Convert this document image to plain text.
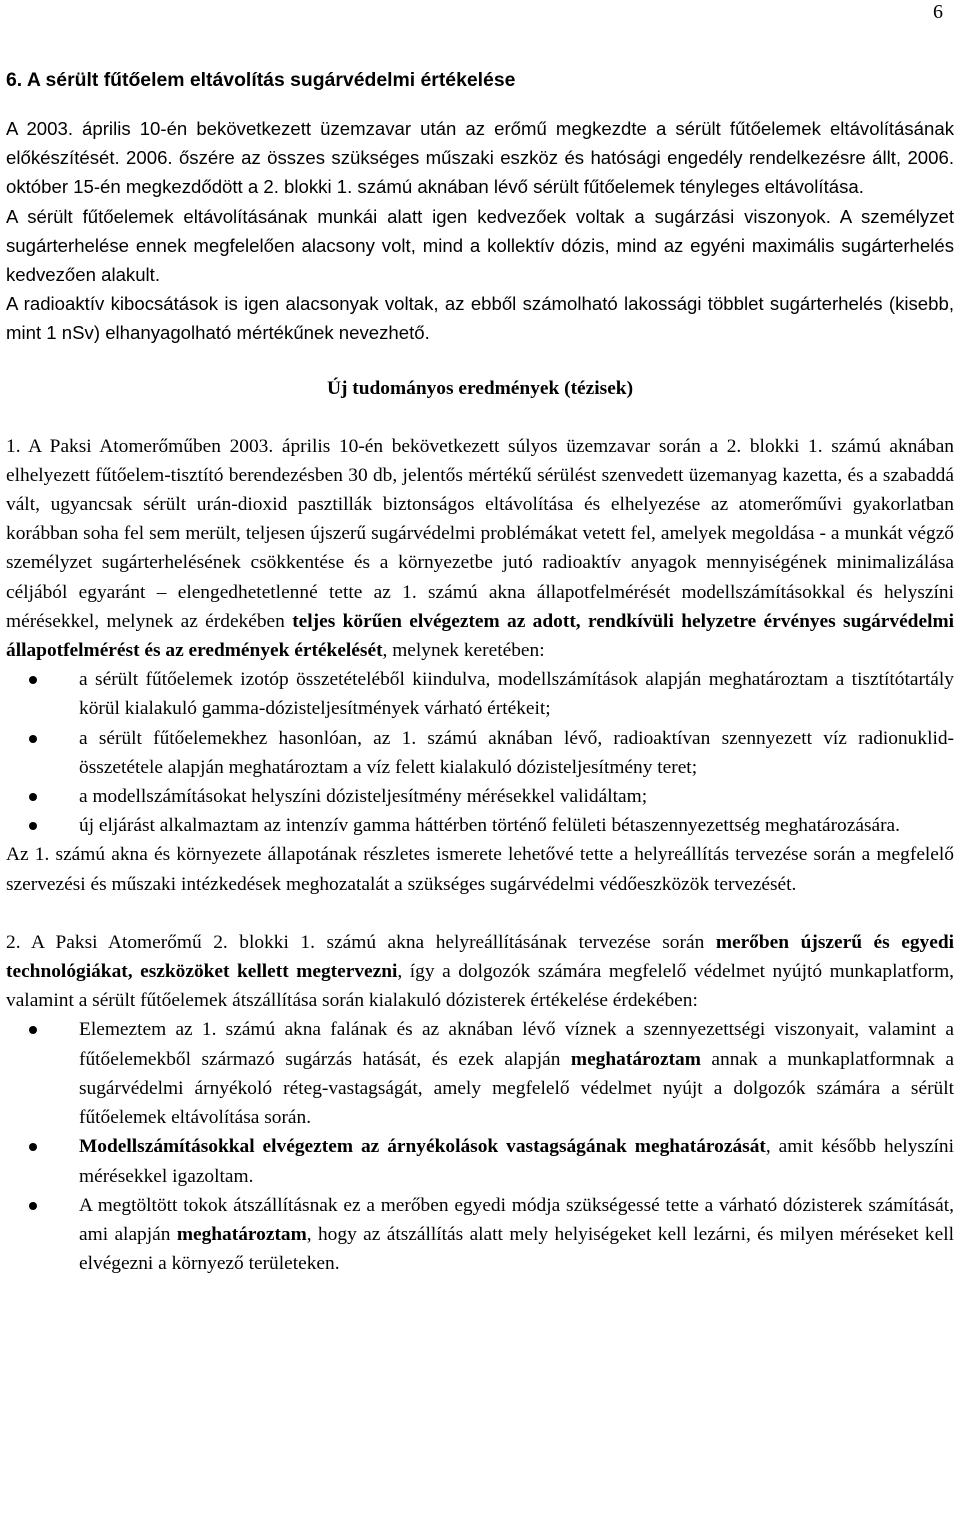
6
6. A sérült fűtőelem eltávolítás sugárvédelmi értékelése

A 2003. április 10-én bekövetkezett üzemzavar után az erőmű megkezdte a sérült fűtőelemek eltávolításának előkészítését. 2006. őszére az összes szükséges műszaki eszköz és hatósági engedély rendelkezésre állt, 2006. október 15-én megkezdődött a 2. blokki 1. számú aknában lévő sérült fűtőelemek tényleges eltávolítása.

A sérült fűtőelemek eltávolításának munkái alatt igen kedvezőek voltak a sugárzási viszonyok. A személyzet sugárterhelése ennek megfelelően alacsony volt, mind a kollektív dózis, mind az egyéni maximális sugárterhelés kedvezően alakult.

A radioaktív kibocsátások is igen alacsonyak voltak, az ebből számolható lakossági többlet sugárterhelés (kisebb, mint 1 nSv) elhanyagolható mértékűnek nevezhető.

Új tudományos eredmények (tézisek)

1. A Paksi Atomerőműben 2003. április 10-én bekövetkezett súlyos üzemzavar során a 2. blokki 1. számú aknában elhelyezett fűtőelem-tisztító berendezésben 30 db, jelentős mértékű sérülést szenvedett üzemanyag kazetta, és a szabaddá vált, ugyancsak sérült urán-dioxid pasztillák biztonságos eltávolítása és elhelyezése az atomerőművi gyakorlatban korábban soha fel sem merült, teljesen újszerű sugárvédelmi problémákat vetett fel, amelyek megoldása - a munkát végző személyzet sugárterhelésének csökkentése és a környezetbe jutó radioaktív anyagok mennyiségének minimalizálása céljából egyaránt – elengedhetetlenné tette az 1. számú akna állapotfelmérését modellszámításokkal és helyszíni mérésekkel, melynek az érdekében teljes körűen elvégeztem az adott, rendkívüli helyzetre érvényes sugárvédelmi állapotfelmérést és az eredmények értékelését, melynek keretében:

a sérült fűtőelemek izotóp összetételéből kiindulva, modellszámítások alapján meghatároztam a tisztítótartály körül kialakuló gamma-dózisteljesítmények várható értékeit;
a sérült fűtőelemekhez hasonlóan, az 1. számú aknában lévő, radioaktívan szennyezett víz radionuklid-összetétele alapján meghatároztam a víz felett kialakuló dózisteljesítmény teret;
a modellszámításokat helyszíni dózisteljesítmény mérésekkel validáltam;
új eljárást alkalmaztam az intenzív gamma háttérben történő felületi bétaszennyezettség meghatározására.

Az 1. számú akna és környezete állapotának részletes ismerete lehetővé tette a helyreállítás tervezése során a megfelelő szervezési és műszaki intézkedések meghozatalát a szükséges sugárvédelmi védőeszközök tervezését.

2. A Paksi Atomerőmű 2. blokki 1. számú akna helyreállításának tervezése során merőben újszerű és egyedi technológiákat, eszközöket kellett megtervezni, így a dolgozók számára megfelelő védelmet nyújtó munkaplatform, valamint a sérült fűtőelemek átszállítása során kialakuló dózisterek értékelése érdekében:

Elemeztem az 1. számú akna falának és az aknában lévő víznek a szennyezettségi viszonyait, valamint a fűtőelemekből származó sugárzás hatását, és ezek alapján meghatároztam annak a munkaplatformnak a sugárvédelmi árnyékoló réteg-vastagságát, amely megfelelő védelmet nyújt a dolgozók számára a sérült fűtőelemek eltávolítása során.
Modellszámításokkal elvégeztem az árnyékolások vastagságának meghatározását, amit később helyszíni mérésekkel igazoltam.
A megtöltött tokok átszállításnak ez a merőben egyedi módja szükségessé tette a várható dózisterek számítását, ami alapján meghatároztam, hogy az átszállítás alatt mely helyiségeket kell lezárni, és milyen méréseket kell elvégezni a környező területeken.
